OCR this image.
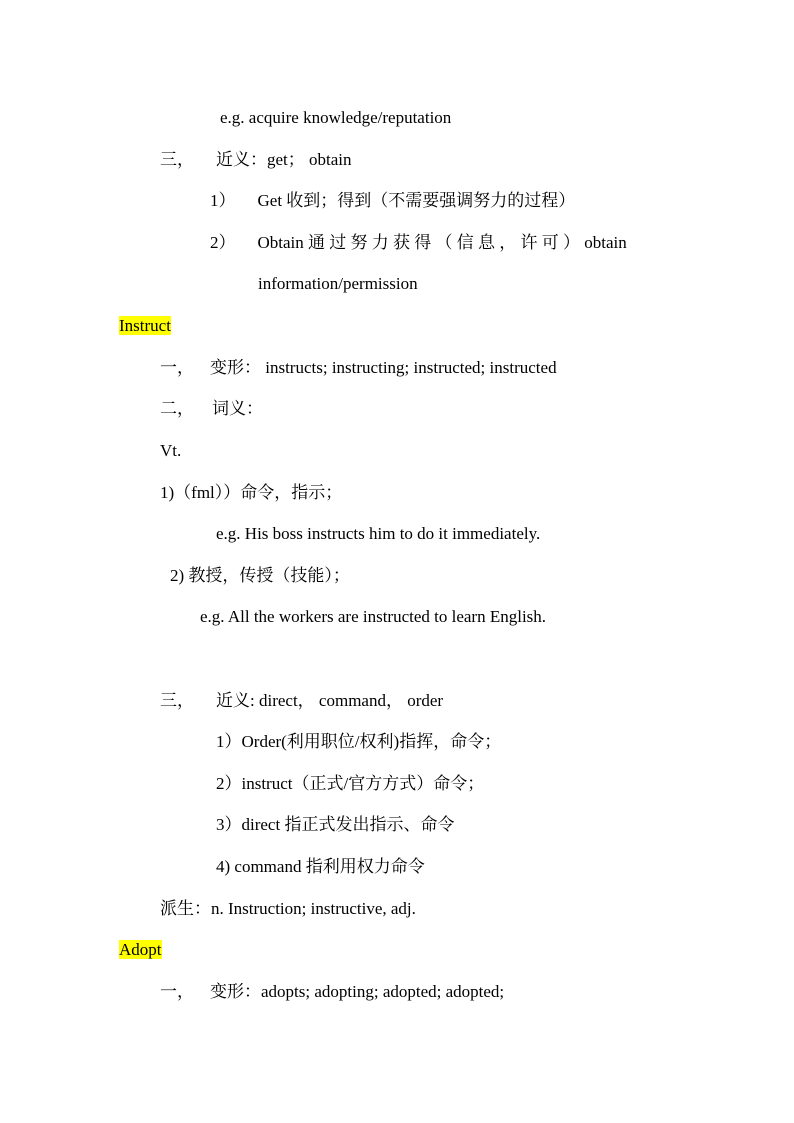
e.g. acquire knowledge/reputation
三， 近义：get； obtain
1） Get 收到；得到（不需要强调努力的过程）
2） Obtain 通 过 努 力 获 得 （ 信 息 ， 许 可 ） obtain
information/permission
Instruct
一， 变形： instructs; instructing; instructed; instructed
二， 词义：
Vt.
1)（fml））命令，指示；
e.g. His boss instructs him to do it immediately.
2) 教授，传授（技能）；
e.g. All the workers are instructed to learn English.
三， 近义: direct， command， order
1）Order(利用职位/权利)指挥，命令；
2）instruct（正式/官方方式）命令；
3）direct 指正式发出指示、命令
4) command 指利用权力命令
派生：n. Instruction; instructive, adj.
Adopt
一， 变形：adopts; adopting; adopted; adopted;
